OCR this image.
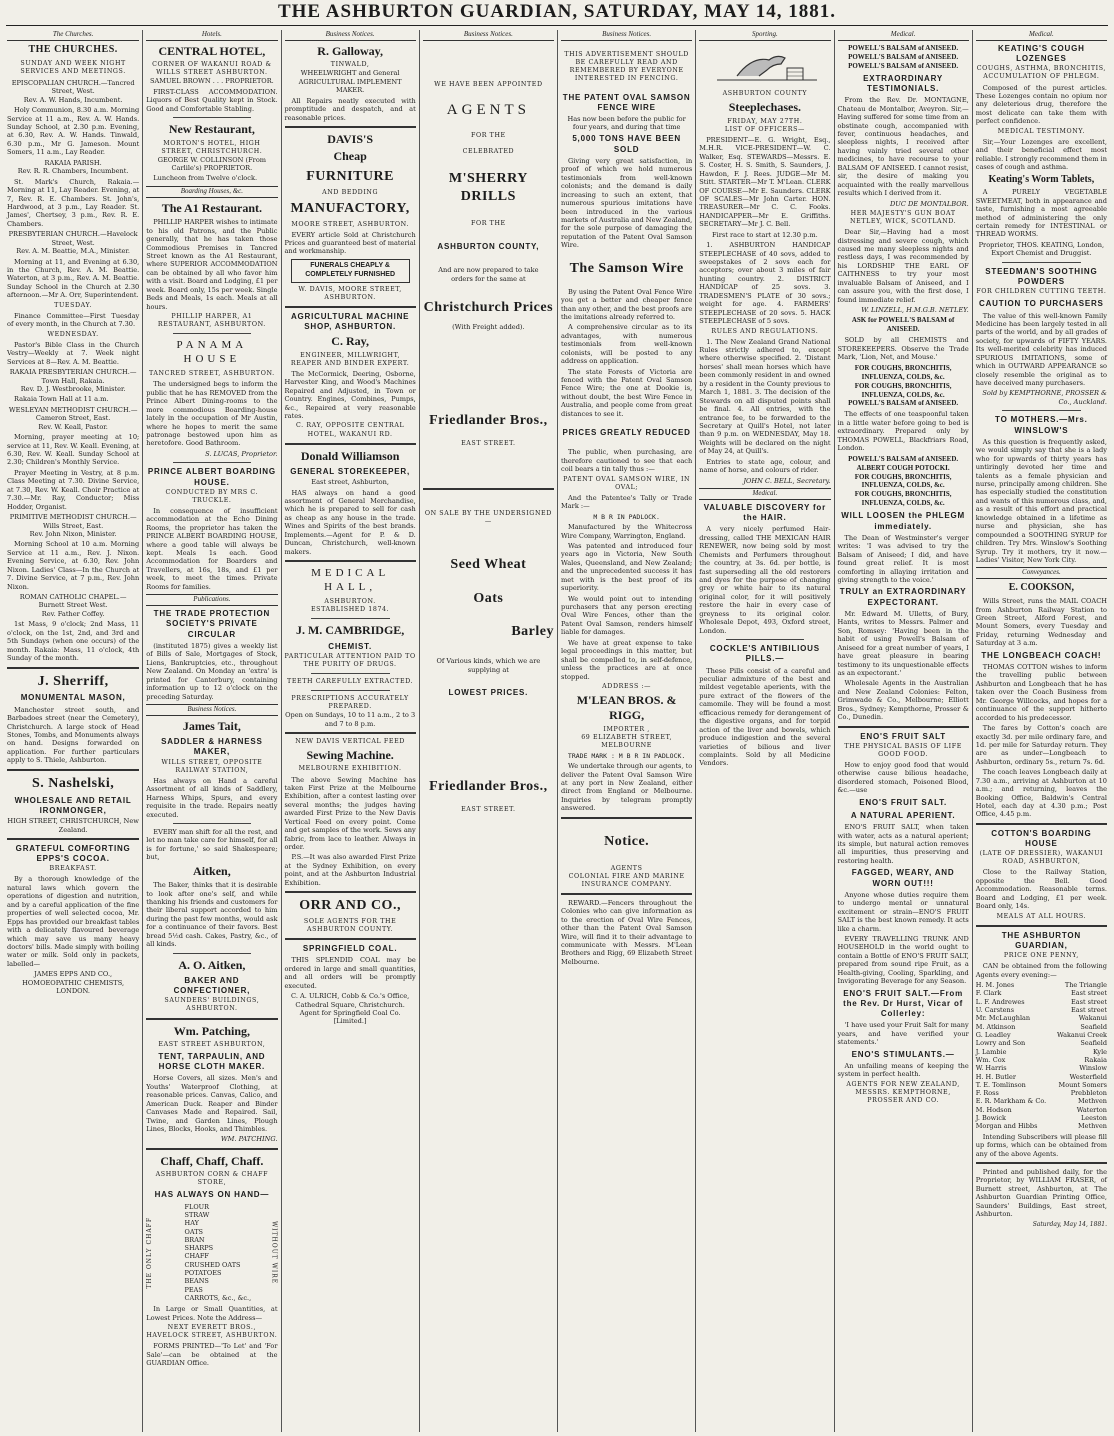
THE ASHBURTON GUARDIAN, SATURDAY, MAY 14, 1881.
The Churches.
THE CHURCHES.
SUNDAY AND WEEK NIGHT SERVICES AND MEETINGS.
EPISCOPALIAN CHURCH.—Tancred Street, West.
Rev. A. W. Hands, Incumbent.
Holy Communion, 8.30 a.m. Morning Service at 11 a.m., Rev. A. W. Hands. Sunday School, at 2.30 p.m. Evening, at 6.30, Rev. A. W. Hands. Tinwald, 6.30 p.m., Mr G. Jameson. Mount Somers, 11 a.m., Lay Reader.
RAKAIA PARISH.
Rev. R. R. Chambers, Incumbent.
St. Mark's Church, Rakaia.—Morning at 11, Lay Reader. Evening, at 7, Rev. R. E. Chambers. St. John's, Hardwood, at 3 p.m., Lay Reader. St. James', Chertsey, 3 p.m., Rev. R. E. Chambers.
PRESBYTERIAN CHURCH.—Havelock Street, West.
Rev. A. M. Beattie, M.A., Minister.
Morning at 11, and Evening at 6.30, in the Church, Rev. A. M. Beattie. Waterton, at 3 p.m., Rev. A. M. Beattie. Sunday School in the Church at 2.30 afternoon.—Mr A. Orr, Superintendent.
TUESDAY.
Finance Committee—First Tuesday of every month, in the Church at 7.30.
WEDNESDAY.
Pastor's Bible Class in the Church Vestry—Weekly at 7. Week night Services at 8—Rev. A. M. Beattie.
RAKAIA PRESBYTERIAN CHURCH.—Town Hall, Rakaia.
Rev. D. J. Westbrooke, Minister.
Rakaia Town Hall at 11 a.m.
WESLEYAN METHODIST CHURCH.—Cameron Street, East.
Rev. W. Keall, Pastor.
Morning, prayer meeting at 10; service at 11, Rev. W. Keall. Evening, at 6.30, Rev. W. Keall. Sunday School at 2.30; Children's Monthly Service.
Prayer Meeting in Vestry, at 8 p.m. Class Meeting at 7.30. Divine Service, at 7.30, Rev. W. Keall. Choir Practice at 7.30.—Mr. Ray, Conductor; Miss Hodder, Organist.
PRIMITIVE METHODIST CHURCH.—Wills Street, East.
Rev. John Nixon, Minister.
Morning School at 10 a.m. Morning Service at 11 a.m., Rev. J. Nixon. Evening Service, at 6.30, Rev. John Nixon. Ladies' Class—In the Church at 7. Divine Service, at 7 p.m., Rev. John Nixon.
ROMAN CATHOLIC CHAPEL.—Burnett Street West.
Rev. Father Coffey.
1st Mass, 9 o'clock; 2nd Mass, 11 o'clock, on the 1st, 2nd, and 3rd and 5th Sundays (when one occurs) of the month. Rakaia: Mass, 11 o'clock, 4th Sunday of the month.
J. Sherriff,
MONUMENTAL MASON,
Manchester street south, and Barbadoes street (near the Cemetery), Christchurch. A large stock of Head Stones, Tombs, and Monuments always on hand. Designs forwarded on application. For further particulars apply to S. Thiele, Ashburton.
S. Nashelski,
WHOLESALE AND RETAIL IRONMONGER,
HIGH STREET, CHRISTCHURCH, New Zealand.
GRATEFUL COMFORTING EPPS'S COCOA.
BREAKFAST.
By a thorough knowledge of the natural laws which govern the operations of digestion and nutrition, and by a careful application of the fine properties of well selected cocoa, Mr. Epps has provided our breakfast tables with a delicately flavoured beverage which may save us many heavy doctors' bills. Made simply with boiling water or milk. Sold only in packets, labelled—
JAMES EPPS AND CO., HOMOEOPATHIC CHEMISTS, LONDON.
Hotels.
CENTRAL HOTEL,
CORNER OF WAKANUI ROAD & WILLS STREET ASHBURTON.
SAMUEL BROWN . . . PROPRIETOR.
FIRST-CLASS ACCOMMODATION. Liquors of Best Quality kept in Stock. Good and Comfortable Stabling.
New Restaurant,
MORTON'S HOTEL, HIGH STREET, CHRISTCHURCH.
GEORGE W. COLLINSON (From Carlile's) PROPRIETOR.
Luncheon from Twelve o'clock.
Boarding Houses, &c.
The A1 Restaurant.
PHILLIP HARPER wishes to intimate to his old Patrons, and the Public generally, that he has taken those Commodious Premises in Tancred Street known as the A1 Restaurant, where SUPERIOR ACCOMMODATION can be obtained by all who favor him with a visit. Board and Lodging, £1 per week. Board only, 15s per week. Single Beds and Meals, 1s each. Meals at all hours.
PHILLIP HARPER, A1 RESTAURANT, ASHBURTON.
PANAMA HOUSE
TANCRED STREET, ASHBURTON.
The undersigned begs to inform the public that he has REMOVED from the Prince Albert Dining-rooms to the more commodious Boarding-house lately in the occupation of Mr Austin, where he hopes to merit the same patronage bestowed upon him as heretofore. Good Bathroom.
S. LUCAS, Proprietor.
PRINCE ALBERT BOARDING HOUSE.
CONDUCTED BY MRS C. TRUCKLE.
In consequence of insufficient accommodation at the Echo Dining Rooms, the proprietor has taken the PRINCE ALBERT BOARDING HOUSE, where a good table will always be kept. Meals 1s each. Good Accommodation for Boarders and Travellers, at 16s, 18s, and £1 per week, to meet the times. Private Rooms for families.
Publications.
THE TRADE PROTECTION SOCIETY'S PRIVATE CIRCULAR
(instituted 1875) gives a weekly list of Bills of Sale, Mortgages of Stock, Liens, Bankruptcies, etc., throughout New Zealand. On Monday an 'extra' is printed for Canterbury, containing information up to 12 o'clock on the preceding Saturday.
Business Notices.
James Tait,
SADDLER & HARNESS MAKER,
WILLS STREET, OPPOSITE RAILWAY STATION,
Has always on Hand a careful Assortment of all kinds of Saddlery, Harness Whips, Spurs, and every requisite in the trade. Repairs neatly executed.
EVERY man shift for all the rest, and let no man take care for himself, for all is for fortune,' so said Shakespeare; but,
Aitken,
The Baker, thinks that it is desirable to look after one's self, and while thanking his friends and customers for their liberal support accorded to him during the past few months, would ask for a continuance of their favors. Best bread 5½d cash. Cakes, Pastry, &c., of all kinds.
A. O. Aitken,
BAKER AND CONFECTIONER,
SAUNDERS' BUILDINGS, ASHBURTON.
Wm. Patching,
EAST STREET ASHBURTON,
TENT, TARPAULIN, AND HORSE CLOTH MAKER.
Horse Covers, all sizes. Men's and Youths' Waterproof Clothing, at reasonable prices. Canvas, Calico, and American Duck. Reaper and Binder Canvases Made and Repaired. Sail, Twine, and Garden Lines, Plough Lines, Blocks, Hooks, and Thimbles.
WM. PATCHING.
Chaff, Chaff, Chaff.
ASHBURTON CORN & CHAFF STORE,
HAS ALWAYS ON HAND—
THE ONLY CHAFF
FLOUR
STRAW
HAY
OATS
BRAN
SHARPS
CHAFF
CRUSHED OATS
POTATOES
BEANS
PEAS
CARROTS, &c., &c.,
WITHOUT WIRE
In Large or Small Quantities, at Lowest Prices. Note the Address—
NEXT EVERETT BROS., HAVELOCK STREET, ASHBURTON.
FORMS PRINTED—'To Let' and 'For Sale'—can be obtained at the GUARDIAN Office.
Business Notices.
R. Galloway,
TINWALD,
WHEELWRIGHT and General AGRICULTURAL IMPLEMENT MAKER.
All Repairs neatly executed with promptitude and despatch, and at reasonable prices.
DAVIS'S
Cheap
FURNITURE
AND BEDDING
MANUFACTORY,
MOORE STREET, ASHBURTON.
EVERY article Sold at Christchurch Prices and guaranteed best of material and workmanship.
FUNERALS CHEAPLY & COMPLETELY FURNISHED
W. DAVIS, MOORE STREET, ASHBURTON.
AGRICULTURAL MACHINE SHOP, ASHBURTON.
C. Ray,
ENGINEER, MILLWRIGHT, REAPER AND BINDER EXPERT.
The McCormick, Deering, Osborne, Harvester King, and Wood's Machines Repaired and Adjusted, in Town or Country. Engines, Combines, Pumps, &c., Repaired at very reasonable rates.
C. RAY, OPPOSITE CENTRAL HOTEL, WAKANUI RD.
Donald Williamson
GENERAL STOREKEEPER,
East street, Ashburton,
HAS always on hand a good assortment of General Merchandise, which he is prepared to sell for cash as cheap as any house in the trade. Wines and Spirits of the best brands. Implements.—Agent for P. & D. Duncan, Christchurch, well-known makers.
MEDICAL HALL,
ASHBURTON.
ESTABLISHED 1874.
J. M. CAMBRIDGE,
CHEMIST.
PARTICULAR ATTENTION PAID TO THE PURITY OF DRUGS.
TEETH CAREFULLY EXTRACTED.
PRESCRIPTIONS ACCURATELY PREPARED.
Open on Sundays, 10 to 11 a.m., 2 to 3 and 7 to 8 p.m.
NEW DAVIS VERTICAL FEED
Sewing Machine.
MELBOURNE EXHIBITION.
The above Sewing Machine has taken First Prize at the Melbourne Exhibition, after a contest lasting over several months; the judges having awarded First Prize to the New Davis Vertical Feed on every point. Come and get samples of the work. Sews any fabric, from lace to leather. Always in order.
P.S.—It was also awarded First Prize at the Sydney Exhibition, on every point, and at the Ashburton Industrial Exhibition.
ORR AND CO.,
SOLE AGENTS FOR THE ASHBURTON COUNTY.
SPRINGFIELD COAL.
THIS SPLENDID COAL may be ordered in large and small quantities, and all orders will be promptly executed.
C. A. ULRICH, Cobb & Co.'s Office, Cathedral Square, Christchurch. Agent for Springfield Coal Co. [Limited.]
Business Notices.
WE HAVE BEEN APPOINTED
AGENTS
FOR THE
CELEBRATED
M'SHERRY DRILLS
FOR THE
ASHBURTON COUNTY,
And are now prepared to take orders for the same at
Christchurch Prices
(With Freight added).
Friedlander Bros.,
EAST STREET.
ON SALE BY THE UNDERSIGNED—
Seed Wheat
Oats
Barley
Of Various kinds, which we are supplying at
LOWEST PRICES.
Friedlander Bros.,
EAST STREET.
Business Notices.
THIS ADVERTISEMENT SHOULD BE CAREFULLY READ AND REMEMBERED BY EVERYONE INTERESTED IN FENCING.
THE PATENT OVAL SAMSON FENCE WIRE
Has now been before the public for four years, and during that time
5,000 TONS HAVE BEEN SOLD
Giving very great satisfaction, in proof of which we hold numerous testimonials from well-known colonists; and the demand is daily increasing to such an extent, that numerous spurious imitations have been introduced in the various markets of Australia and New Zealand, for the sole purpose of damaging the reputation of the Patent Oval Samson Wire.
The Samson Wire
By using the Patent Oval Fence Wire you get a better and cheaper fence than any other, and the best proofs are the imitations already referred to.
A comprehensive circular as to its advantages, with numerous testimonials from well-known colonists, will be posted to any address on application.
The state Forests of Victoria are fenced with the Patent Oval Samson Fence Wire; the one at Dookie is, without doubt, the best Wire Fence in Australia, and people come from great distances to see it.
PRICES GREATLY REDUCED
The public, when purchasing, are therefore cautioned to see that each coil bears a tin tally thus :—
PATENT OVAL SAMSON WIRE, IN OVAL;
And the Patentee's Tally or Trade Mark :—
M B R IN PADLOCK.
Manufactured by the Whitecross Wire Company, Warrington, England.
Was patented and introduced four years ago in Victoria, New South Wales, Queensland, and New Zealand; and the unprecedented success it has met with is the best proof of its superiority.
We would point out to intending purchasers that any person erecting Oval Wire Fences, other than the Patent Oval Samson, renders himself liable for damages.
We have at great expense to take legal proceedings in this matter, but shall be compelled to, in self-defence, unless the practices are at once stopped.
ADDRESS :—
M'LEAN BROS. & RIGG,
IMPORTER ,
69 ELIZABETH STREET, MELBOURNE
TRADE MARK : M B R IN PADLOCK.
We undertake through our agents, to deliver the Patent Oval Samson Wire at any port in New Zealand, either direct from England or Melbourne. Inquiries by telegram promptly answered.
Notice.
AGENTS
COLONIAL FIRE AND MARINE INSURANCE COMPANY.
REWARD.—Fencers throughout the Colonies who can give information as to the erection of Oval Wire Fences, other than the Patent Oval Samson Wire, will find it to their advantage to communicate with Messrs. M'Lean Brothers and Rigg, 69 Elizabeth Street Melbourne.
Sporting.
ASHBURTON COUNTY
Steeplechases.
FRIDAY, MAY 27TH.
LIST OF OFFICERS—
PRESIDENT—E. G. Wright, Esq., M.H.R. VICE-PRESIDENT—W. C. Walker, Esq. STEWARDS—Messrs. E. S. Coster, H. S. Smith, S. Saunders, J. Hawdon, F. J. Rees. JUDGE—Mr M. Stitt. STARTER—Mr T. M'Lean. CLERK OF COURSE—Mr E. Saunders. CLERK OF SCALES—Mr John Carter. HON. TREASURER—Mr C. C. Fooks. HANDICAPPER—Mr E. Griffiths. SECRETARY—Mr J. C. Bell.
First race to start at 12.30 p.m.
1. ASHBURTON HANDICAP STEEPLECHASE of 40 sovs, added to sweepstakes of 2 sovs each for acceptors; over about 3 miles of fair hunting country. 2. DISTRICT HANDICAP of 25 sovs. 3. TRADESMEN'S PLATE of 30 sovs.; weight for age. 4. FARMERS' STEEPLECHASE of 20 sovs. 5. HACK STEEPLECHASE of 5 sovs.
RULES AND REGULATIONS.
1. The New Zealand Grand National Rules strictly adhered to, except where otherwise specified. 2. 'Distant horses' shall mean horses which have been commonly resident in and owned by a resident in the County previous to March 1, 1881. 3. The decision of the Stewards on all disputed points shall be final. 4. All entries, with the entrance fee, to be forwarded to the Secretary at Quill's Hotel, not later than 9 p.m. on WEDNESDAY, May 18. Weights will be declared on the night of May 24, at Quill's.
Entries to state age, colour, and name of horse, and colours of rider.
JOHN C. BELL, Secretary.
Medical.
VALUABLE DISCOVERY for the HAIR.
A very nicely perfumed Hair-dressing, called THE MEXICAN HAIR RENEWER, now being sold by most Chemists and Perfumers throughout the country, at 3s. 6d. per bottle, is fast superseding all the old restorers and dyes for the purpose of changing grey or white hair to its natural original color, for it will positively restore the hair in every case of greyness to its original color. Wholesale Depot, 493, Oxford street, London.
COCKLE'S ANTIBILIOUS PILLS.—
These Pills consist of a careful and peculiar admixture of the best and mildest vegetable aperients, with the pure extract of the flowers of the camomile. They will be found a most efficacious remedy for derangement of the digestive organs, and for torpid action of the liver and bowels, which produce indigestion and the several varieties of bilious and liver complaints. Sold by all Medicine Vendors.
Medical.
POWELL'S BALSAM of ANISEED.
POWELL'S BALSAM of ANISEED.
POWELL'S BALSAM of ANISEED.
EXTRAORDINARY TESTIMONIALS.
From the Rev. Dr. MONTAGNE, Chateau de Montalbor, Aveyron. Sir,—Having suffered for some time from an obstinate cough, accompanied with fever, continuous headaches, and sleepless nights, I received after having vainly tried several other medicines, to have recourse to your BALSAM OF ANISEED. I cannot resist, sir, the desire of making you acquainted with the really marvellous results which I derived from it.
DUC DE MONTALBOR.
HER MAJESTY'S GUN BOAT NETLEY, WICK, SCOTLAND.
Dear Sir,—Having had a most distressing and severe cough, which caused me many sleepless nights and restless days, I was recommended by his LORDSHIP THE EARL OF CAITHNESS to try your most invaluable Balsam of Aniseed, and I can assure you, with the first dose, I found immediate relief.
W. LINZELL, H.M.G.B. NETLEY.
ASK for POWELL'S BALSAM of ANISEED.
SOLD by all CHEMISTS and STOREKEEPERS. Observe the Trade Mark, 'Lion, Net, and Mouse.'
FOR COUGHS, BRONCHITIS, INFLUENZA, COLDS, &c.
FOR COUGHS, BRONCHITIS, INFLUENZA, COLDS, &c.
POWELL'S BALSAM of ANISEED.
The effects of one teaspoonful taken in a little water before going to bed is extraordinary. Prepared only by THOMAS POWELL, Blackfriars Road, London.
POWELL'S BALSAM of ANISEED.
ALBERT COUGH POTOCKI.
FOR COUGHS, BRONCHITIS, INFLUENZA, COLDS, &c.
FOR COUGHS, BRONCHITIS, INFLUENZA, COLDS, &c.
WILL LOOSEN the PHLEGM immediately.
The Dean of Westminster's verger writes: 'I was advised to try the Balsam of Aniseed; I did, and have found great relief. It is most comforting in allaying irritation and giving strength to the voice.'
TRULY an EXTRAORDINARY EXPECTORANT.
Mr. Edward M. Ulletts, of Bury, Hants, writes to Messrs. Palmer and Son, Romsey: 'Having been in the habit of using Powell's Balsam of Aniseed for a great number of years, I have great pleasure in bearing testimony to its unquestionable effects as an expectorant.'
Wholesale Agents in the Australian and New Zealand Colonies: Felton, Grimwade & Co., Melbourne; Elliott Bros., Sydney; Kempthorne, Prosser & Co., Dunedin.
ENO'S FRUIT SALT
THE PHYSICAL BASIS OF LIFE GOOD FOOD.
How to enjoy good food that would otherwise cause bilious headache, disordered stomach, Poisoned Blood, &c.—use
ENO'S FRUIT SALT.
A NATURAL APERIENT.
ENO'S FRUIT SALT, when taken with water, acts as a natural aperient; its simple, but natural action removes all impurities, thus preserving and restoring health.
FAGGED, WEARY, AND WORN OUT!!!
Anyone whose duties require them to undergo mental or unnatural excitement or strain—ENO'S FRUIT SALT is the best known remedy. It acts like a charm.
EVERY TRAVELLING TRUNK AND HOUSEHOLD in the world ought to contain a Bottle of ENO'S FRUIT SALT, prepared from sound ripe Fruit, as a Health-giving, Cooling, Sparkling, and Invigorating Beverage for any Season.
ENO'S FRUIT SALT.—From the Rev. Dr Hurst, Vicar of Collerley:
'I have used your Fruit Salt for many years, and have verified your statements.'
ENO'S STIMULANTS.—
An unfailing means of keeping the system in perfect health.
AGENTS FOR NEW ZEALAND, MESSRS. KEMPTHORNE, PROSSER AND CO.
Medical.
KEATING'S COUGH LOZENGES
COUGHS, ASTHMA, BRONCHITIS, ACCUMULATION OF PHLEGM.
Composed of the purest articles. These Lozenges contain no opium nor any deleterious drug, therefore the most delicate can take them with perfect confidence.
MEDICAL TESTIMONY.
Sir,—Your Lozenges are excellent, and their beneficial effect most reliable. I strongly recommend them in cases of cough and asthma.
Keating's Worm Tablets,
A PURELY VEGETABLE SWEETMEAT, both in appearance and taste, furnishing a most agreeable method of administering the only certain remedy for INTESTINAL or THREAD WORMS.
Proprietor, THOS. KEATING, London, Export Chemist and Druggist.
STEEDMAN'S SOOTHING POWDERS
FOR CHILDREN CUTTING TEETH.
CAUTION TO PURCHASERS
The value of this well-known Family Medicine has been largely tested in all parts of the world, and by all grades of society, for upwards of FIFTY YEARS. Its well-merited celebrity has induced SPURIOUS IMITATIONS, some of which in OUTWARD APPEARANCE so closely resemble the original as to have deceived many purchasers.
Sold by KEMPTHORNE, PROSSER & Co., Auckland.
TO MOTHERS.—Mrs. WINSLOW'S
As this question is frequently asked, we would simply say that she is a lady who for upwards of thirty years has untiringly devoted her time and talents as a female physician and nurse, principally among children. She has especially studied the constitution and wants of this numerous class, and, as a result of this effort and practical knowledge obtained in a lifetime as nurse and physician, she has compounded a SOOTHING SYRUP for children. Try Mrs. Winslow's Soothing Syrup. Try it mothers, try it now.—Ladies' Visitor, New York City.
Conveyances.
E. COOKSON,
Wills Street, runs the MAIL COACH from Ashburton Railway Station to Green Street, Alford Forest, and Mount Somers, every Tuesday and Friday, returning Wednesday and Saturday at 3 a.m.
THE LONGBEACH COACH!
THOMAS COTTON wishes to inform the travelling public between Ashburton and Longbeach that he has taken over the Coach Business from Mr. George Willcocks, and hopes for a continuance of the support hitherto accorded to his predecessor.
The fares by Cotton's coach are exactly 3d. per mile ordinary fare, and 1d. per mile for Saturday return. They are as under—Longbeach to Ashburton, ordinary 5s., return 7s. 6d.
The coach leaves Longbeach daily at 7.30 a.m., arriving at Ashburton at 10 a.m.; and returning, leaves the Booking Office, Baldwin's Central Hotel, each day at 4.30 p.m.; Post Office, 4.45 p.m.
COTTON'S BOARDING HOUSE
(LATE OF DRESSIER), WAKANUI ROAD, ASHBURTON,
Close to the Railway Station, opposite the Bell. Good Accommodation. Reasonable terms. Board and Lodging, £1 per week. Board only, 14s.
MEALS AT ALL HOURS.
THE ASHBURTON GUARDIAN,
PRICE ONE PENNY,
CAN be obtained from the following Agents every evening:—
H. M. Jones	The Triangle
F. Clark	East street
L. F. Andrewes	East street
U. Carstens	East street
Mr. McLaughlan	Wakanui
M. Atkinson	Seafield
G. Leadley	Wakanui Creek
Lowry and Son	Seafield
J. Lambie	Kyle
Wm. Cox	Rakaia
W. Harris	Winslow
H. H. Butler	Westerfield
T. E. Tomlinson	Mount Somers
F. Ross	Prebbleton
E. R. Markham & Co.	Methven
M. Hodson	Waterton
J. Bowick	Leeston
Morgan and Hibbs	Methven
Intending Subscribers will please fill up forms, which can be obtained from any of the above Agents.
Printed and published daily, for the Proprietor, by WILLIAM FRASER, of Burnett street, Ashburton, at The Ashburton Guardian Printing Office, Saunders' Buildings, East street, Ashburton.
Saturday, May 14, 1881.
